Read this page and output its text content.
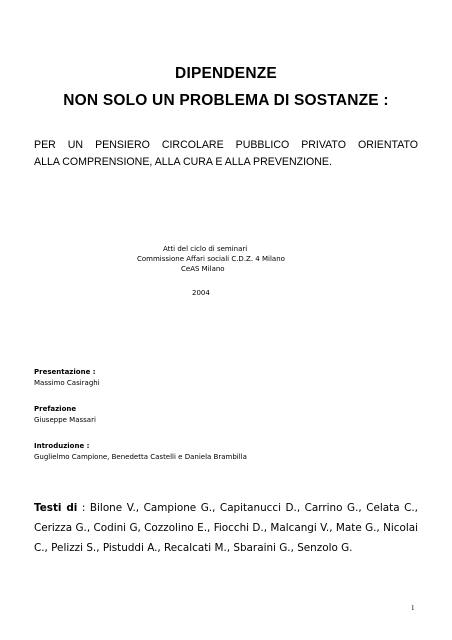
DIPENDENZE

NON SOLO UN PROBLEMA DI SOSTANZE :

PER UN PENSIERO CIRCOLARE PUBBLICO PRIVATO ORIENTATO

ALLA COMPRENSIONE, ALLA CURA E ALLA PREVENZIONE.

Atti del ciclo di seminari

Commissione Affari sociali C.D.Z. 4 Milano

CeAS Milano

2004

Presentazione :

Massimo Casiraghi

Prefazione

Giuseppe Massari

Introduzione :

Guglielmo Campione, Benedetta Castelli e Daniela Brambilla

Testi di : Bilone V., Campione G., Capitanucci D., Carrino G., Celata C.,
Cerizza G., Codini G, Cozzolino E., Fiocchi D., Malcangi V., Mate G., Nicolai
C., Pelizzi S., Pistuddi A., Recalcati M., Sbaraini G., Senzolo G.

1
